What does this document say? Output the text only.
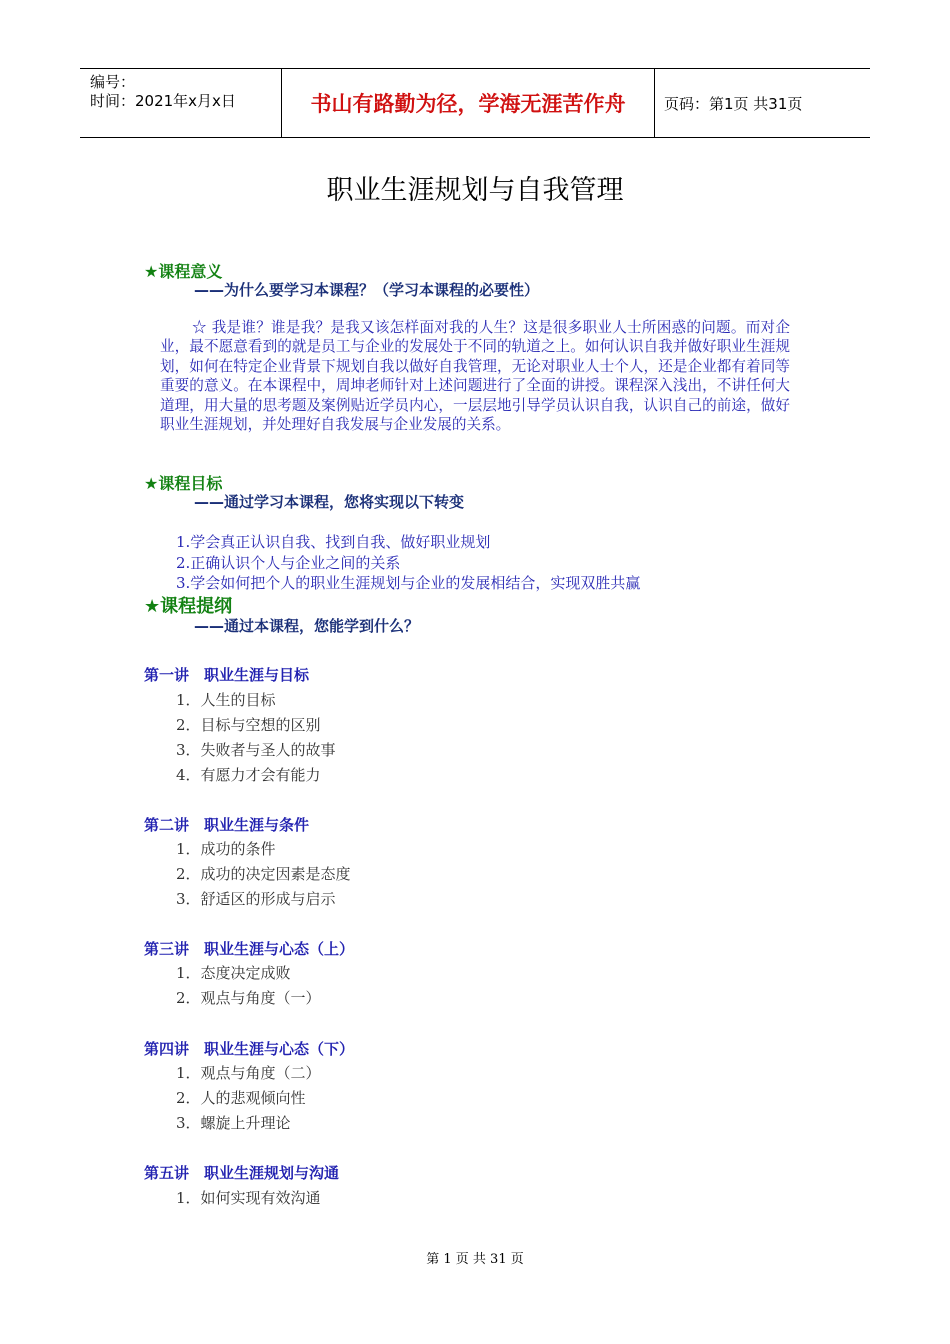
编号：
时间：2021年x月x日	书山有路勤为径，学海无涯苦作舟	页码：第1页 共31页
职业生涯规划与自我管理
★课程意义
——为什么要学习本课程？（学习本课程的必要性）

☆ 我是谁？谁是我？是我又该怎样面对我的人生？这是很多职业人士所困惑的问题。而对企业，最不愿意看到的就是员工与企业的发展处于不同的轨道之上。如何认识自我并做好职业生涯规划，如何在特定企业背景下规划自我以做好自我管理，无论对职业人士个人，还是企业都有着同等重要的意义。在本课程中，周坤老师针对上述问题进行了全面的讲授。课程深入浅出，不讲任何大道理，用大量的思考题及案例贴近学员内心，一层层地引导学员认识自我，认识自己的前途，做好职业生涯规划，并处理好自我发展与企业发展的关系。

★课程目标
——通过学习本课程，您将实现以下转变
1.学会真正认识自我、找到自我、做好职业规划
2.正确认识个人与企业之间的关系
3.学会如何把个人的职业生涯规划与企业的发展相结合，实现双胜共赢
★课程提纲
——通过本课程，您能学到什么？
第一讲　职业生涯与目标
1．人生的目标
2．目标与空想的区别
3．失败者与圣人的故事
4．有愿力才会有能力
第二讲　职业生涯与条件
1．成功的条件
2．成功的决定因素是态度
3．舒适区的形成与启示
第三讲　职业生涯与心态（上）
1．态度决定成败
2．观点与角度（一）
第四讲　职业生涯与心态（下）
1．观点与角度（二）
2．人的悲观倾向性
3．螺旋上升理论
第五讲　职业生涯规划与沟通
1．如何实现有效沟通
第 1 页 共 31 页
